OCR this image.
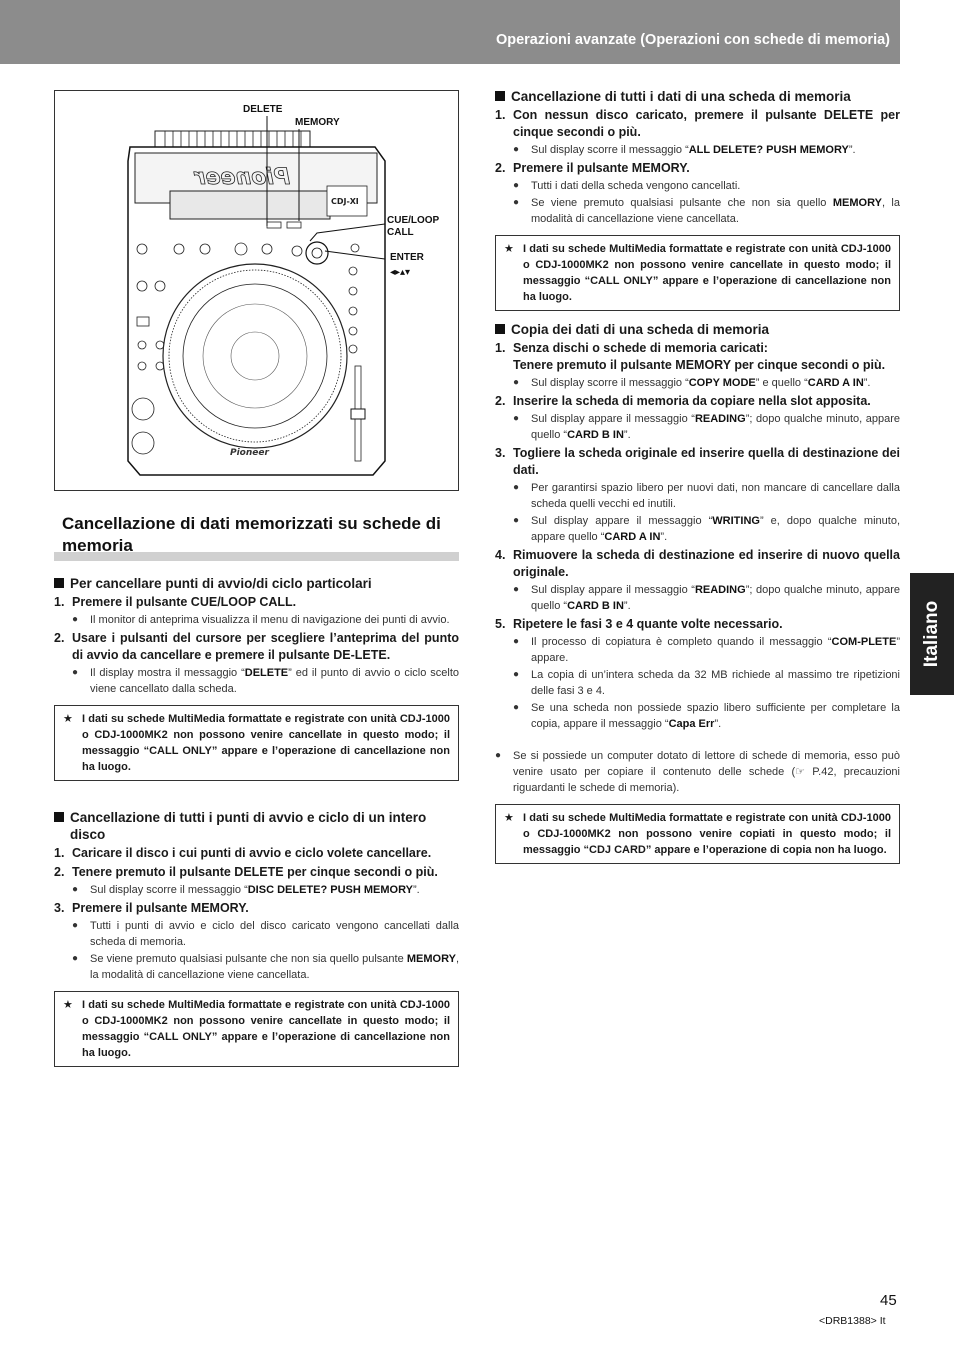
Operazioni avanzate (Operazioni con schede di memoria)
Italiano
Pioneer
CDJ-Ⅺ
Pioneer
DELETE
MEMORY
CUE/LOOP
CALL
ENTER
◂▸▴▾
Cancellazione di dati memorizzati su schede di memoria
Per cancellare punti di avvio/di ciclo particolari
1. Premere il pulsante CUE/LOOP CALL.
●	Il monitor di anteprima visualizza il menu di navigazione dei punti di avvio.
2. Usare i pulsanti del cursore per scegliere l’anteprima del punto di avvio da cancellare e premere il pulsante DE-LETE.
●	Il display mostra il messaggio “DELETE” ed il punto di avvio o ciclo scelto viene cancellato dalla scheda.
★ I dati su schede MultiMedia formattate e registrate con unità CDJ-1000 o CDJ-1000MK2 non possono venire cancellate in questo modo; il messaggio “CALL ONLY” appare e l’operazione di cancellazione non ha luogo.
Cancellazione di tutti i punti di avvio e ciclo di un intero disco
1. Caricare il disco i cui punti di avvio e ciclo volete cancellare.
2. Tenere premuto il pulsante DELETE per cinque secondi o più.
●	Sul display scorre il messaggio “DISC DELETE? PUSH MEMORY”.
3. Premere il pulsante MEMORY.
●	Tutti i punti di avvio e ciclo del disco caricato vengono cancellati dalla scheda di memoria.
●	Se viene premuto qualsiasi pulsante che non sia quello pulsante MEMORY, la modalità di cancellazione viene cancellata.
★ I dati su schede MultiMedia formattate e registrate con unità CDJ-1000 o CDJ-1000MK2 non possono venire cancellate in questo modo; il messaggio “CALL ONLY” appare e l’operazione di cancellazione non ha luogo.
Cancellazione di tutti i dati di una scheda di memoria
1. Con nessun disco caricato, premere il pulsante DELETE per cinque secondi o più.
●	Sul display scorre il messaggio “ALL DELETE? PUSH MEMORY”.
2. Premere il pulsante MEMORY.
●	Tutti i dati della scheda vengono cancellati.
●	Se viene premuto qualsiasi pulsante che non sia quello MEMORY, la modalità di cancellazione viene cancellata.
★ I dati su schede MultiMedia formattate e registrate con unità CDJ-1000 o CDJ-1000MK2 non possono venire cancellate in questo modo; il messaggio “CALL ONLY” appare e l’operazione di cancellazione non ha luogo.
Copia dei dati di una scheda di memoria
1. Senza dischi o schede di memoria caricati:
Tenere premuto il pulsante MEMORY per cinque secondi o più.
●	Sul display scorre il messaggio “COPY MODE” e quello “CARD A IN”.
2. Inserire la scheda di memoria da copiare nella slot apposita.
●	Sul display appare il messaggio “READING”; dopo qualche minuto, appare quello “CARD B IN”.
3. Togliere la scheda originale ed inserire quella di destinazione dei dati.
●	Per garantirsi spazio libero per nuovi dati, non mancare di cancellare dalla scheda quelli vecchi ed inutili.
●	Sul display appare il messaggio “WRITING” e, dopo qualche minuto, appare quello “CARD A IN”.
4. Rimuovere la scheda di destinazione ed inserire di nuovo quella originale.
●	Sul display appare il messaggio “READING”; dopo qualche minuto, appare quello “CARD B IN”.
5. Ripetere le fasi 3 e 4 quante volte necessario.
●	Il processo di copiatura è completo quando il messaggio “COM-PLETE” appare.
●	La copia di un’intera scheda da 32 MB richiede al massimo tre ripetizioni delle fasi 3 e 4.
●	Se una scheda non possiede spazio libero sufficiente per completare la copia, appare il messaggio “Capa Err”.
●	Se si possiede un computer dotato di lettore di schede di memoria, esso può venire usato per copiare il contenuto delle schede (☞ P.42, precauzioni riguardanti le schede di memoria).
★ I dati su schede MultiMedia formattate e registrate con unità CDJ-1000 o CDJ-1000MK2 non possono venire copiati in questo modo; il messaggio “CDJ CARD” appare e l’operazione di copia non ha luogo.
45
<DRB1388> It
